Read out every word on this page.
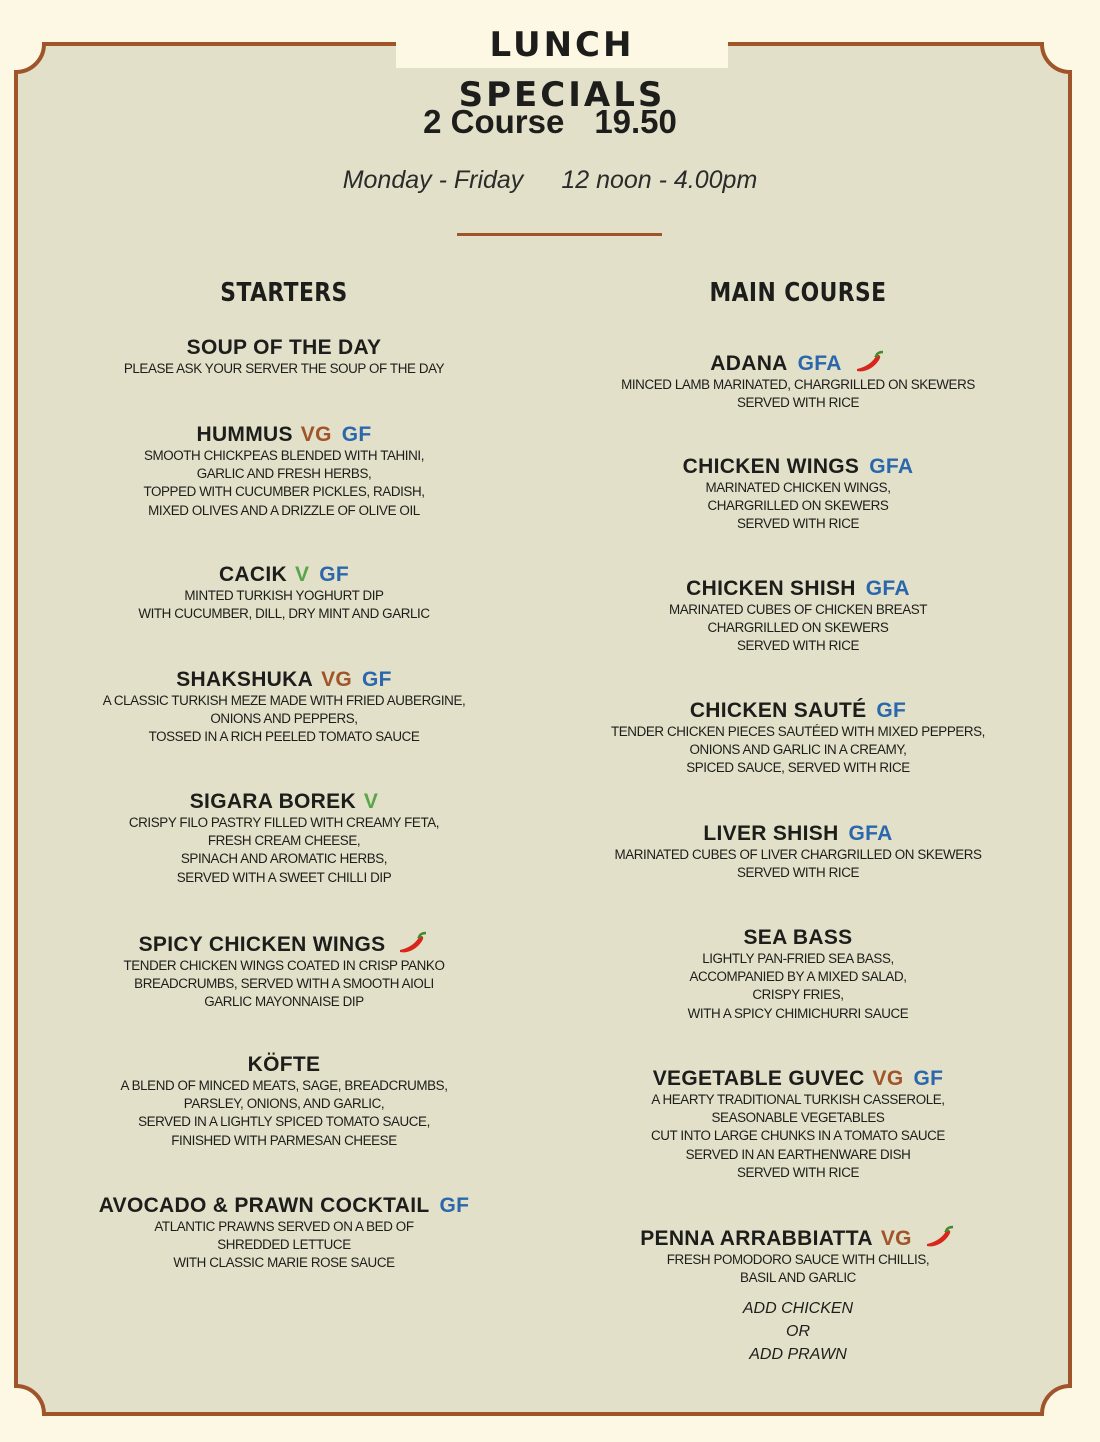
LUNCH SPECIALS
2 Course 19.50
Monday - Friday 12 noon - 4.00pm
STARTERS
SOUP OF THE DAY
PLEASE ASK YOUR SERVER THE SOUP OF THE DAY
HUMMUS VG GF
SMOOTH CHICKPEAS BLENDED WITH TAHINI,
GARLIC AND FRESH HERBS,
TOPPED WITH CUCUMBER PICKLES, RADISH,
MIXED OLIVES AND A DRIZZLE OF OLIVE OIL
CACIK V GF
MINTED TURKISH YOGHURT DIP
WITH CUCUMBER, DILL, DRY MINT AND GARLIC
SHAKSHUKA VG GF
A CLASSIC TURKISH MEZE MADE WITH FRIED AUBERGINE,
ONIONS AND PEPPERS,
TOSSED IN A RICH PEELED TOMATO SAUCE
SIGARA BOREK V
CRISPY FILO PASTRY FILLED WITH CREAMY FETA,
FRESH CREAM CHEESE,
SPINACH AND AROMATIC HERBS,
SERVED WITH A SWEET CHILLI DIP
SPICY CHICKEN WINGS
TENDER CHICKEN WINGS COATED IN CRISP PANKO
BREADCRUMBS, SERVED WITH A SMOOTH AIOLI
GARLIC MAYONNAISE DIP
KÖFTE
A BLEND OF MINCED MEATS, SAGE, BREADCRUMBS,
PARSLEY, ONIONS, AND GARLIC,
SERVED IN A LIGHTLY SPICED TOMATO SAUCE,
FINISHED WITH PARMESAN CHEESE
AVOCADO & PRAWN COCKTAIL GF
ATLANTIC PRAWNS SERVED ON A BED OF
SHREDDED LETTUCE
WITH CLASSIC MARIE ROSE SAUCE
MAIN COURSE
ADANA GFA
MINCED LAMB MARINATED, CHARGRILLED ON SKEWERS
SERVED WITH RICE
CHICKEN WINGS GFA
MARINATED CHICKEN WINGS,
CHARGRILLED ON SKEWERS
SERVED WITH RICE
CHICKEN SHISH GFA
MARINATED CUBES OF CHICKEN BREAST
CHARGRILLED ON SKEWERS
SERVED WITH RICE
CHICKEN SAUTÉ GF
TENDER CHICKEN PIECES SAUTÉED WITH MIXED PEPPERS,
ONIONS AND GARLIC IN A CREAMY,
SPICED SAUCE, SERVED WITH RICE
LIVER SHISH GFA
MARINATED CUBES OF LIVER CHARGRILLED ON SKEWERS
SERVED WITH RICE
SEA BASS
LIGHTLY PAN-FRIED SEA BASS,
ACCOMPANIED BY A MIXED SALAD,
CRISPY FRIES,
WITH A SPICY CHIMICHURRI SAUCE
VEGETABLE GUVEC VG GF
A HEARTY TRADITIONAL TURKISH CASSEROLE,
SEASONABLE VEGETABLES
CUT INTO LARGE CHUNKS IN A TOMATO SAUCE
SERVED IN AN EARTHENWARE DISH
SERVED WITH RICE
PENNA ARRABBIATTA VG
FRESH POMODORO SAUCE WITH CHILLIS,
BASIL AND GARLIC
ADD CHICKEN
OR
ADD PRAWN
